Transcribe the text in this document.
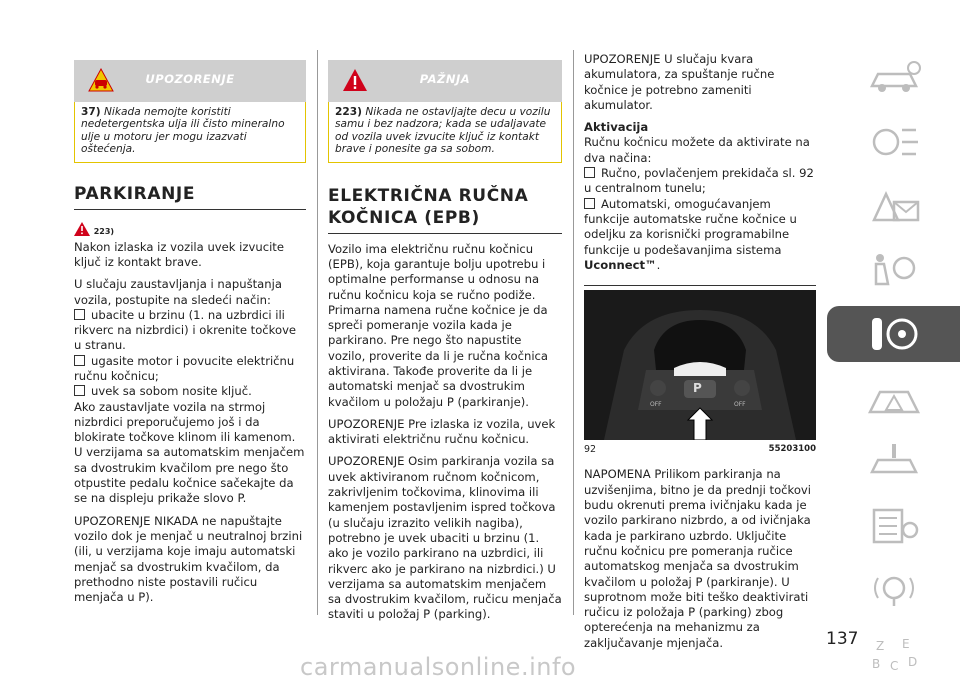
UPOZORENJE
37) Nikada nemojte koristiti nedetergentska ulja ili čisto mineralno ulje u motoru jer mogu izazvati oštećenja.
PARKIRANJE
223)

Nakon izlaska iz vozila uvek izvucite ključ iz kontakt brave.

U slučaju zaustavljanja i napuštanja vozila, postupite na sledeći način:

ubacite u brzinu (1. na uzbrdici ili rikverc na nizbrdici) i okrenite točkove u stranu.
ugasite motor i povucite električnu ručnu kočnicu;
uvek sa sobom nosite ključ.

Ako zaustavljate vozila na strmoj nizbrdici preporučujemo još i da blokirate točkove klinom ili kamenom.

U verzijama sa automatskim menjačem sa dvostrukim kvačilom pre nego što otpustite pedalu kočnice sačekajte da se na displeju prikaže slovo P.

UPOZORENJE NIKADA ne napuštajte vozilo dok je menjač u neutralnoj brzini (ili, u verzijama koje imaju automatski menjač sa dvostrukim kvačilom, da prethodno niste postavili ručicu menjača u P).

PAŽNJA
223) Nikada ne ostavljajte decu u vozilu samu i bez nadzora; kada se udaljavate od vozila uvek izvucite ključ iz kontakt brave i ponesite ga sa sobom.
ELEKTRIČNA RUČNA
KOČNICA (EPB)

Vozilo ima električnu ručnu kočnicu (EPB), koja garantuje bolju upotrebu i optimalne performanse u odnosu na ručnu kočnicu koja se ručno podiže. Primarna namena ručne kočnice je da spreči pomeranje vozila kada je parkirano. Pre nego što napustite vozilo, proverite da li je ručna kočnica aktivirana. Takođe proverite da li je automatski menjač sa dvostrukim kvačilom u položaju P (parkiranje).

UPOZORENJE Pre izlaska iz vozila, uvek aktivirati električnu ručnu kočnicu.

UPOZORENJE Osim parkiranja vozila sa uvek aktiviranom ručnom kočnicom, zakrivljenim točkovima, klinovima ili kamenjem postavljenim ispred točkova (u slučaju izrazito velikih nagiba), potrebno je uvek ubaciti u brzinu (1. ako je vozilo parkirano na uzbrdici, ili rikverc ako je parkirano na nizbrdici.) U verzijama sa automatskim menjačem sa dvostrukim kvačilom, ručicu menjača staviti u položaj P (parking).

UPOZORENJE U slučaju kvara akumulatora, za spuštanje ručne kočnice je potrebno zameniti akumulator.

Aktivacija

Ručnu kočnicu možete da aktivirate na dva načina:

Ručno, povlačenjem prekidača sl. 92 u centralnom tunelu;
Automatski, omogućavanjem funkcije automatske ručne kočnice u odeljku za korisnički programabilne funkcije u podešavanjima sistema Uconnect™.
P
OFF	OFF
92	55203100

NAPOMENA Prilikom parkiranja na uzvišenjima, bitno je da prednji točkovi budu okrenuti prema ivičnjaku kada je vozilo parkirano nizbrdo, a od ivičnjaka kada je parkirano uzbrdo. Uključite ručnu kočnicu pre pomeranja ručice automatskog menjača sa dvostrukim kvačilom u položaj P (parkiranje). U suprotnom može biti teško deaktivirati ručicu iz položaja P (parking) zbog opterećenja na mehanizmu za zaključavanje mjenjača.	Z E
B C D
137
carmanualsonline.info
